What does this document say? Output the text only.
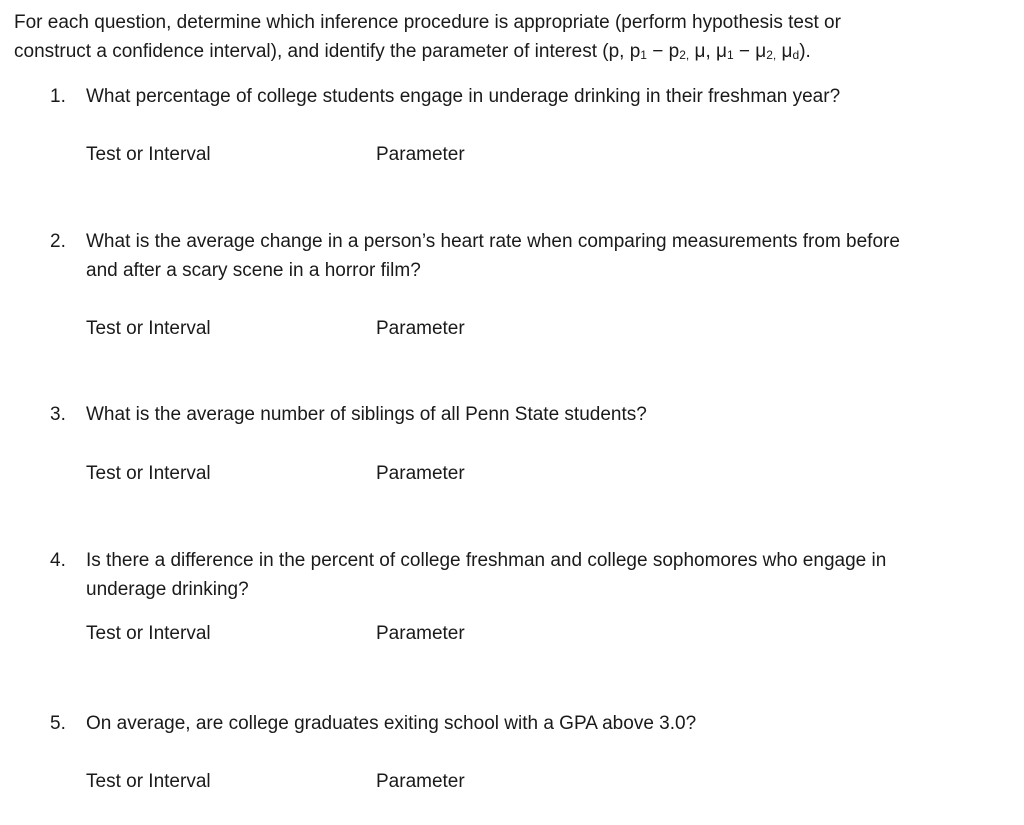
For each question, determine which inference procedure is appropriate (perform hypothesis test or
construct a confidence interval), and identify the parameter of interest (p, $p_1 - p_{2,}$ μ, $\mu_1 - \mu_{2,}$ $\mu_d$).
1. What percentage of college students engage in underage drinking in their freshman year?
Test or Interval	Parameter
2. What is the average change in a person’s heart rate when comparing measurements from before
and after a scary scene in a horror film?
Test or Interval	Parameter
3. What is the average number of siblings of all Penn State students?
Test or Interval	Parameter
4. Is there a difference in the percent of college freshman and college sophomores who engage in
underage drinking?
Test or Interval	Parameter
5. On average, are college graduates exiting school with a GPA above 3.0?
Test or Interval	Parameter
